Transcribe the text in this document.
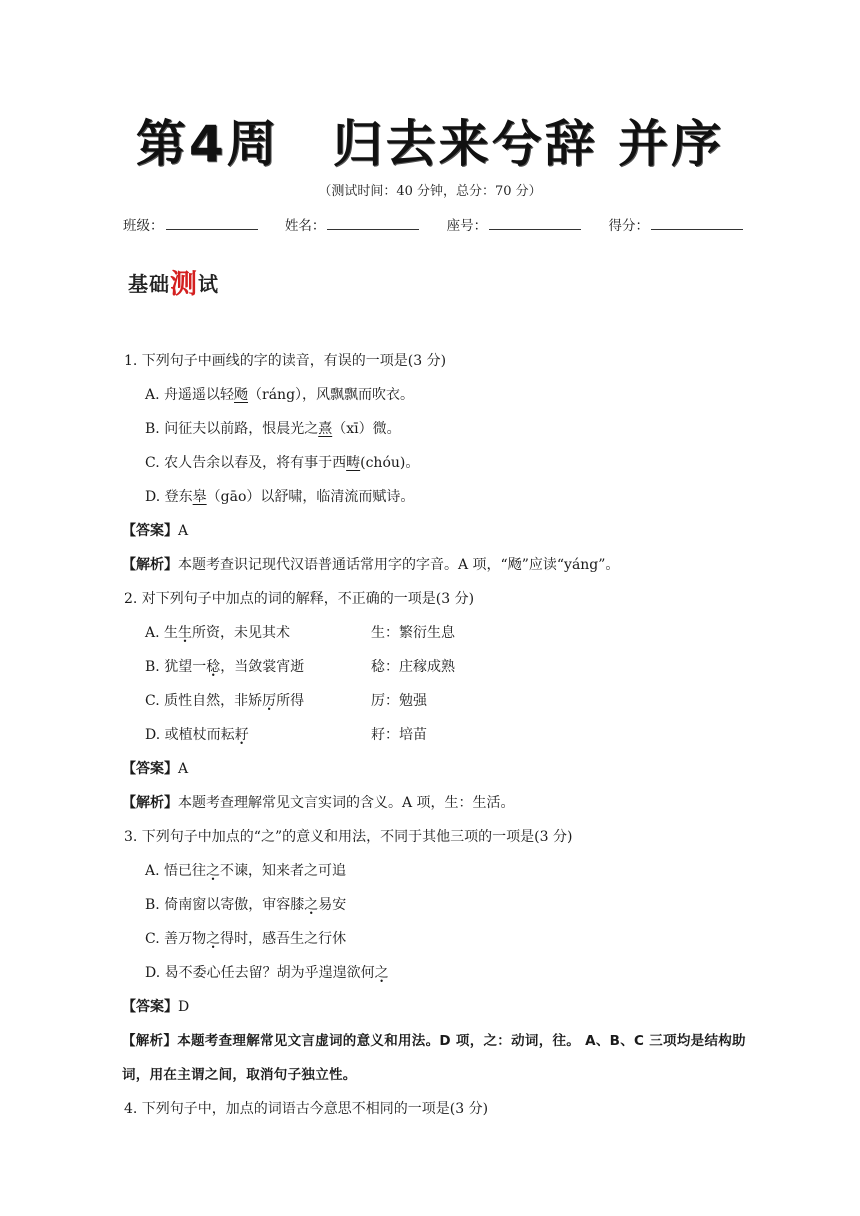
第4周　归去来兮辞 并序
（测试时间：40 分钟，总分：70 分）
班级：	姓名：	座号：	得分：
基础测试
1. 下列句子中画线的字的读音，有误的一项是(3 分)
A. 舟遥遥以轻飏（ráng），风飘飘而吹衣。
B. 问征夫以前路，恨晨光之熹（xī）微。
C. 农人告余以春及，将有事于西畴(chóu)。
D. 登东皋（gāo）以舒啸，临清流而赋诗。
【答案】A
【解析】本题考查识记现代汉语普通话常用字的字音。A 项，“飏”应读“yáng”。
2. 对下列句子中加点的词的解释，不正确的一项是(3 分)
A. 生生所资，未见其术	生：繁衍生息
B. 犹望一稔，当敛裳宵逝	稔：庄稼成熟
C. 质性自然，非矫厉所得	厉：勉强
D. 或植杖而耘耔	耔：培苗
【答案】A
【解析】本题考查理解常见文言实词的含义。A 项，生：生活。
3. 下列句子中加点的“之”的意义和用法，不同于其他三项的一项是(3 分)
A. 悟已往之不谏，知来者之可追
B. 倚南窗以寄傲，审容膝之易安
C. 善万物之得时，感吾生之行休
D. 曷不委心任去留？胡为乎遑遑欲何之
【答案】D
【解析】本题考查理解常见文言虚词的意义和用法。D 项，之：动词，往。 A、B、C 三项均是结构助
词，用在主谓之间，取消句子独立性。
4. 下列句子中，加点的词语古今意思不相同的一项是(3 分)
